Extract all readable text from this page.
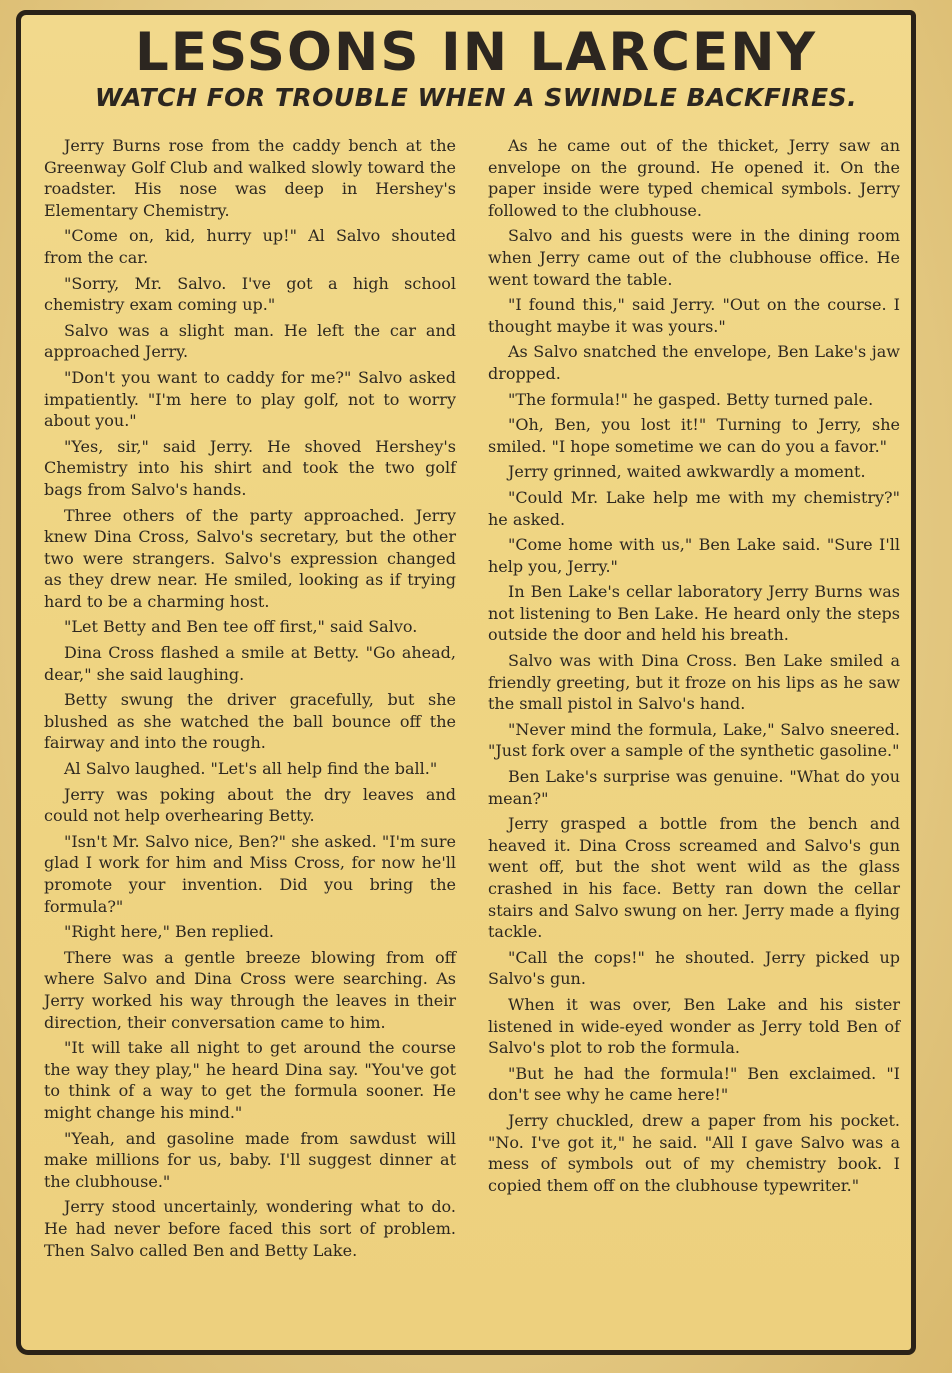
LESSONS IN LARCENY
WATCH FOR TROUBLE WHEN A SWINDLE BACKFIRES.

Jerry Burns rose from the caddy bench at the Greenway Golf Club and walked slowly toward the roadster. His nose was deep in Hershey's Elementary Chemistry.

"Come on, kid, hurry up!" Al Salvo shouted from the car.

"Sorry, Mr. Salvo. I've got a high school chemistry exam coming up."

Salvo was a slight man. He left the car and approached Jerry.

"Don't you want to caddy for me?" Salvo asked impatiently. "I'm here to play golf, not to worry about you."

"Yes, sir," said Jerry. He shoved Hershey's Chemistry into his shirt and took the two golf bags from Salvo's hands.

Three others of the party approached. Jerry knew Dina Cross, Salvo's secretary, but the other two were strangers. Salvo's expression changed as they drew near. He smiled, looking as if trying hard to be a charming host.

"Let Betty and Ben tee off first," said Salvo.

Dina Cross flashed a smile at Betty. "Go ahead, dear," she said laughing.

Betty swung the driver gracefully, but she blushed as she watched the ball bounce off the fairway and into the rough.

Al Salvo laughed. "Let's all help find the ball."

Jerry was poking about the dry leaves and could not help overhearing Betty.

"Isn't Mr. Salvo nice, Ben?" she asked. "I'm sure glad I work for him and Miss Cross, for now he'll promote your invention. Did you bring the formula?"

"Right here," Ben replied.

There was a gentle breeze blowing from off where Salvo and Dina Cross were searching. As Jerry worked his way through the leaves in their direction, their conversation came to him.

"It will take all night to get around the course the way they play," he heard Dina say. "You've got to think of a way to get the formula sooner. He might change his mind."

"Yeah, and gasoline made from sawdust will make millions for us, baby. I'll suggest dinner at the clubhouse."

Jerry stood uncertainly, wondering what to do. He had never before faced this sort of problem. Then Salvo called Ben and Betty Lake.

As he came out of the thicket, Jerry saw an envelope on the ground. He opened it. On the paper inside were typed chemical symbols. Jerry followed to the clubhouse.

Salvo and his guests were in the dining room when Jerry came out of the clubhouse office. He went toward the table.

"I found this," said Jerry. "Out on the course. I thought maybe it was yours."

As Salvo snatched the envelope, Ben Lake's jaw dropped.

"The formula!" he gasped. Betty turned pale.

"Oh, Ben, you lost it!" Turning to Jerry, she smiled. "I hope sometime we can do you a favor."

Jerry grinned, waited awkwardly a moment.

"Could Mr. Lake help me with my chemistry?" he asked.

"Come home with us," Ben Lake said. "Sure I'll help you, Jerry."

In Ben Lake's cellar laboratory Jerry Burns was not listening to Ben Lake. He heard only the steps outside the door and held his breath.

Salvo was with Dina Cross. Ben Lake smiled a friendly greeting, but it froze on his lips as he saw the small pistol in Salvo's hand.

"Never mind the formula, Lake," Salvo sneered. "Just fork over a sample of the synthetic gasoline."

Ben Lake's surprise was genuine. "What do you mean?"

Jerry grasped a bottle from the bench and heaved it. Dina Cross screamed and Salvo's gun went off, but the shot went wild as the glass crashed in his face. Betty ran down the cellar stairs and Salvo swung on her. Jerry made a flying tackle.

"Call the cops!" he shouted. Jerry picked up Salvo's gun.

When it was over, Ben Lake and his sister listened in wide-eyed wonder as Jerry told Ben of Salvo's plot to rob the formula.

"But he had the formula!" Ben exclaimed. "I don't see why he came here!"

Jerry chuckled, drew a paper from his pocket. "No. I've got it," he said. "All I gave Salvo was a mess of symbols out of my chemistry book. I copied them off on the clubhouse typewriter."
